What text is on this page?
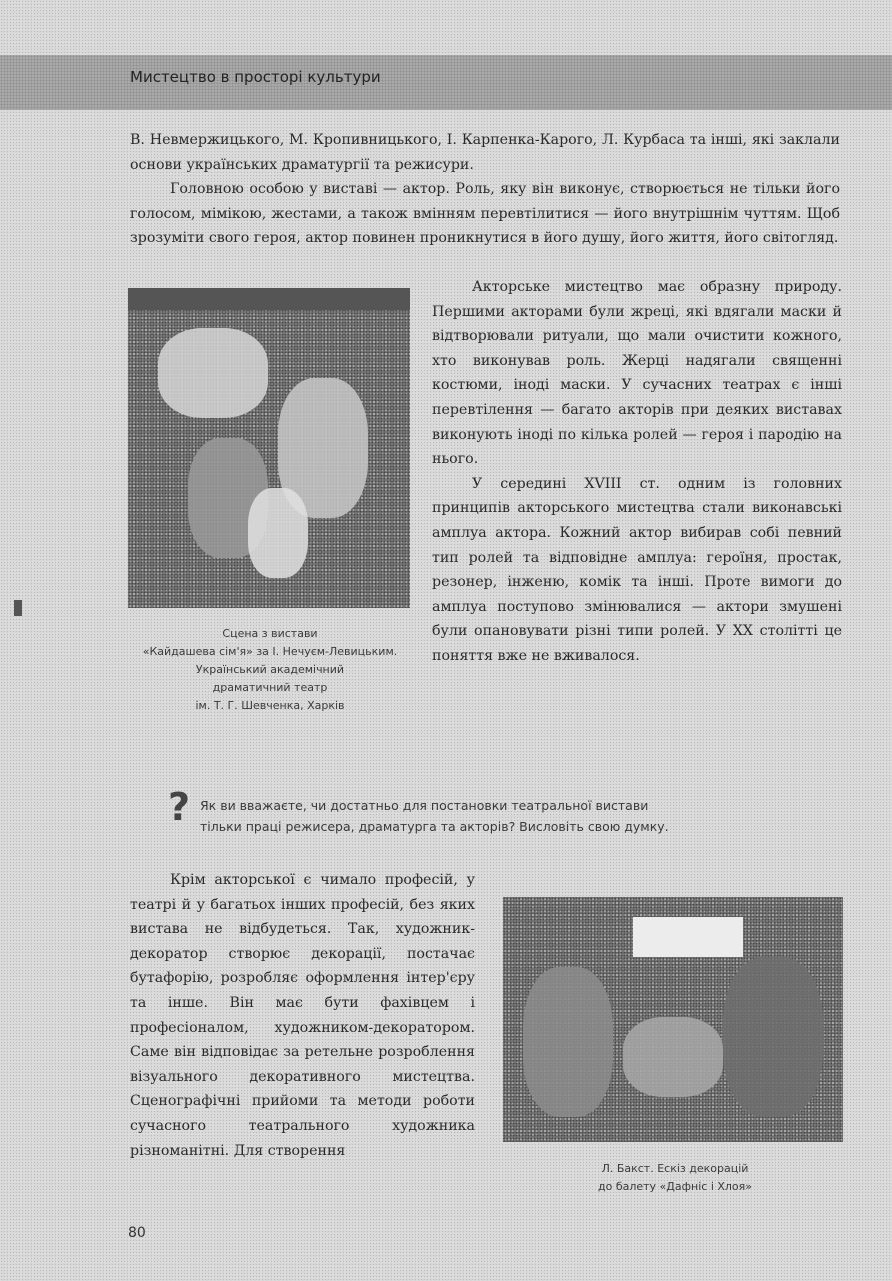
Мистецтво в просторі культури

В. Невмержицького, М. Кропивницького, І. Карпенка-Карого, Л. Курбаса та інші, які заклали основи українських драматургії та режисури.

Головною особою у виставі — актор. Роль, яку він виконує, створюється не тільки його голосом, мімікою, жестами, а також вмінням перевтілитися — його внутрішнім чуттям. Щоб зрозуміти свого героя, актор повинен проникнутися в його душу, його життя, його світогляд.

Сцена з вистави
«Кайдашева сім'я» за І. Нечуєм-Левицьким.
Український академічний
драматичний театр
ім. Т. Г. Шевченка, Харків

Акторське мистецтво має образну природу. Першими акторами були жреці, які вдягали маски й відтворювали ритуали, що мали очистити кожного, хто виконував роль. Жерці надягали священні костюми, іноді маски. У сучасних театрах є інші перевтілення — багато акторів при деяких виставах виконують іноді по кілька ролей — героя і пародію на нього.

У середині XVIII ст. одним із головних принципів акторського мистецтва стали виконавські амплуа актора. Кожний актор вибирав собі певний тип ролей та відповідне амплуа: героїня, простак, резонер, інженю, комік та інші. Проте вимоги до амплуа поступово змінювалися — актори змушені були опановувати різні типи ролей. У ХХ столітті це поняття вже не вживалося.

? Як ви вважаєте, чи достатньо для постановки театральної вистави
тільки праці режисера, драматурга та акторів? Висловіть свою думку.

Крім акторської є чимало професій, у театрі й у багатьох інших професій, без яких вистава не відбудеться. Так, художник-декоратор створює декорації, постачає бутафорію, розробляє оформлення інтер'єру та інше. Він має бути фахівцем і професіоналом, художником-декоратором. Саме він відповідає за ретельне розроблення візуального декоративного мистецтва. Сценографічні прийоми та методи роботи сучасного театрального художника різноманітні. Для створення

Л. Бакст. Ескіз декорацій
до балету «Дафніс і Хлоя»
80
